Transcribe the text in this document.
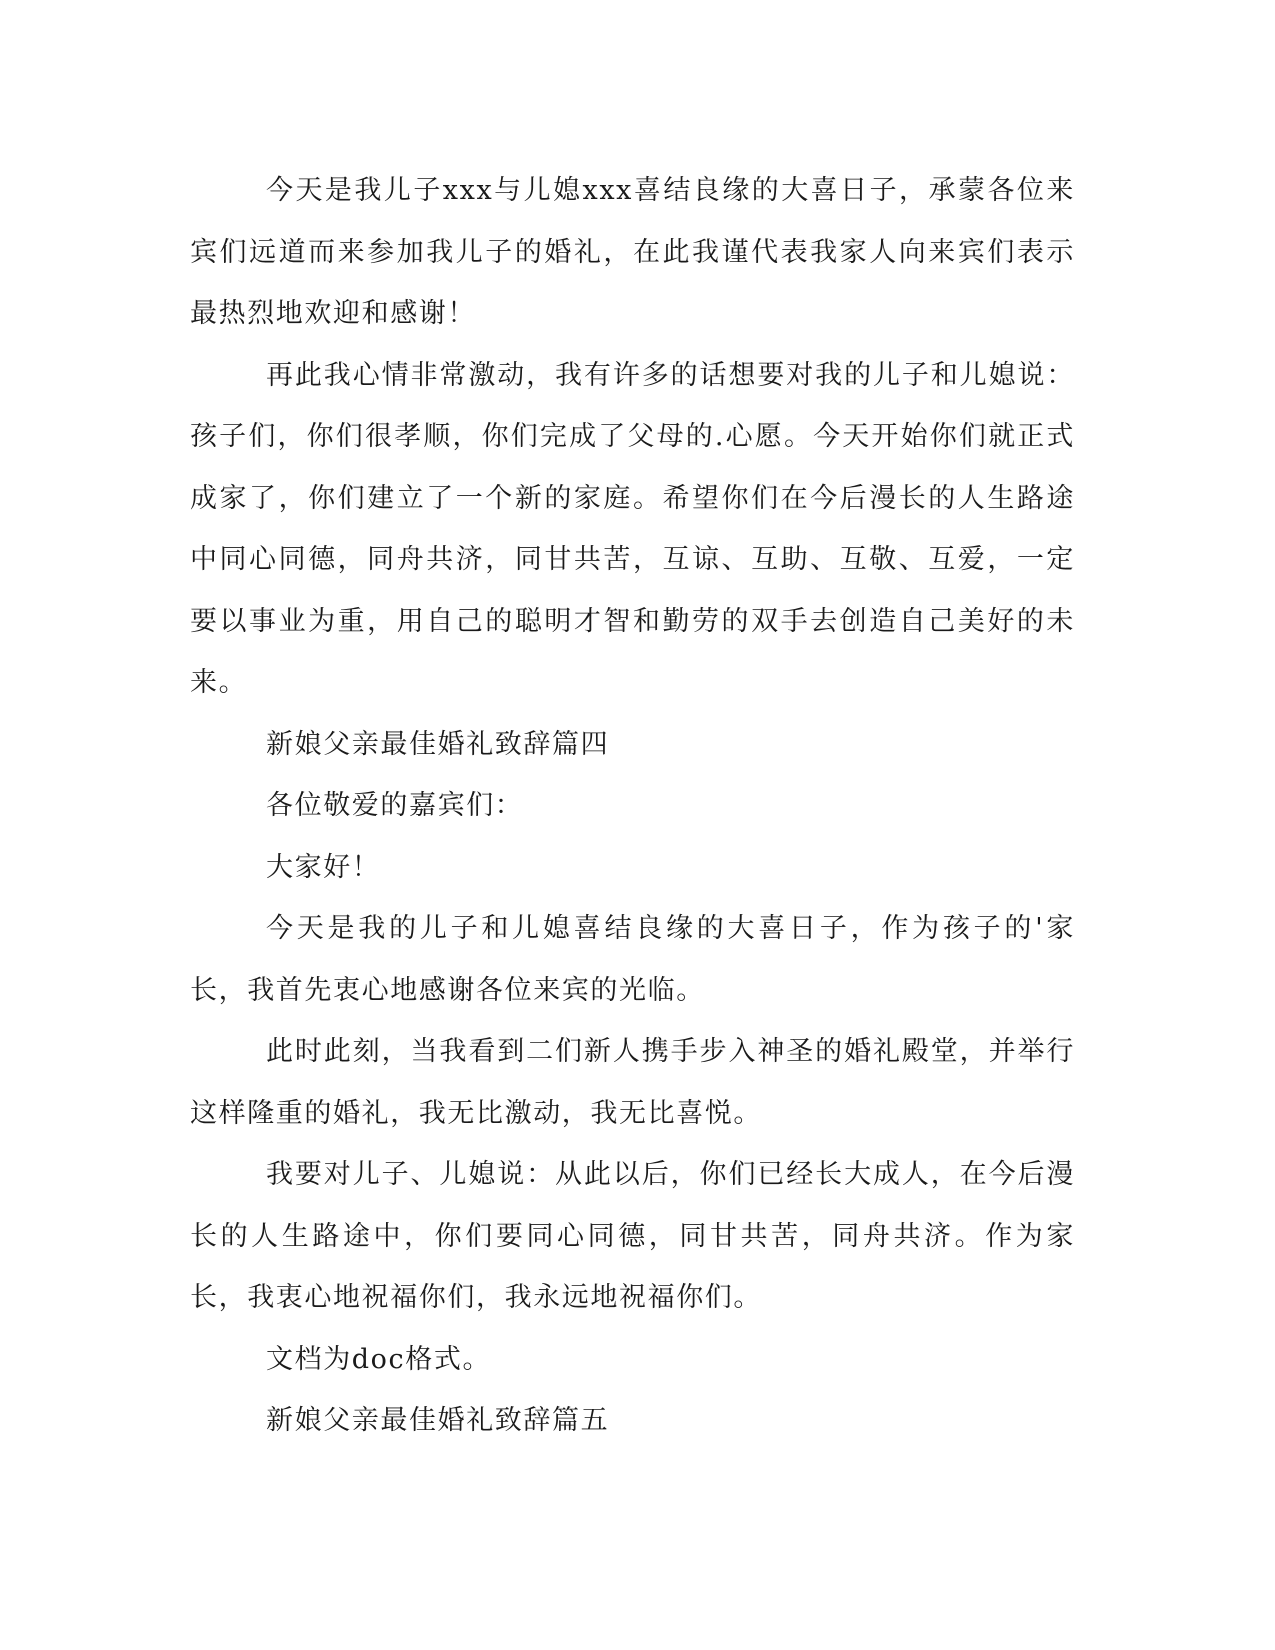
今天是我儿子xxx与儿媳xxx喜结良缘的大喜日子，承蒙各位来宾们远道而来参加我儿子的婚礼，在此我谨代表我家人向来宾们表示最热烈地欢迎和感谢！

再此我心情非常激动，我有许多的话想要对我的儿子和儿媳说：孩子们，你们很孝顺，你们完成了父母的.心愿。今天开始你们就正式成家了，你们建立了一个新的家庭。希望你们在今后漫长的人生路途中同心同德，同舟共济，同甘共苦，互谅、互助、互敬、互爱，一定要以事业为重，用自己的聪明才智和勤劳的双手去创造自己美好的未来。

新娘父亲最佳婚礼致辞篇四

各位敬爱的嘉宾们：

大家好！

今天是我的儿子和儿媳喜结良缘的大喜日子，作为孩子的'家长，我首先衷心地感谢各位来宾的光临。

此时此刻，当我看到二们新人携手步入神圣的婚礼殿堂，并举行这样隆重的婚礼，我无比激动，我无比喜悦。

我要对儿子、儿媳说：从此以后，你们已经长大成人，在今后漫长的人生路途中，你们要同心同德，同甘共苦，同舟共济。作为家长，我衷心地祝福你们，我永远地祝福你们。

文档为doc格式。

新娘父亲最佳婚礼致辞篇五
